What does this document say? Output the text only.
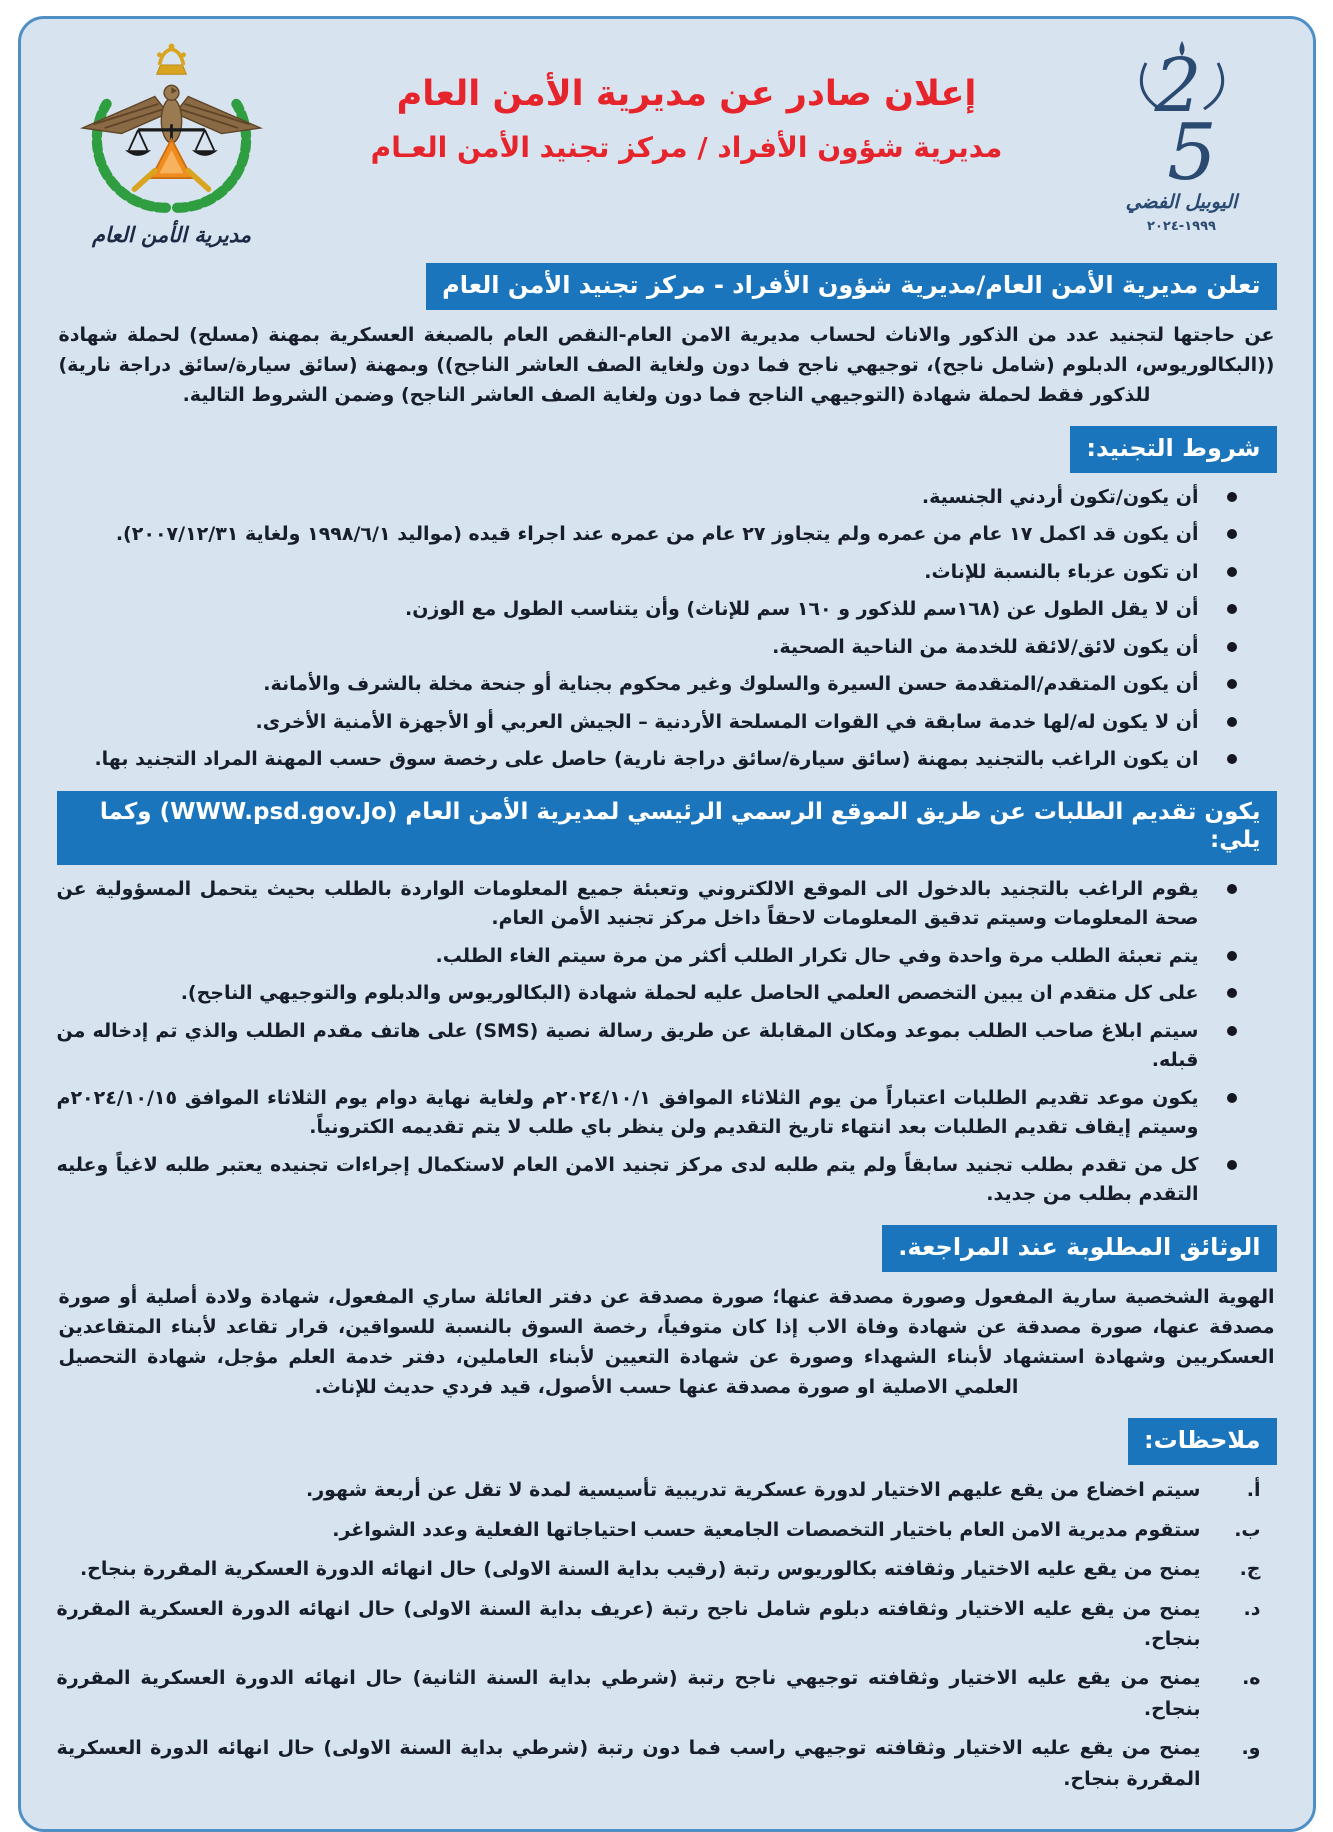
مديرية الأمن العام
إعلان صادر عن مديرية الأمن العام
مديرية شؤون الأفراد / مركز تجنيد الأمن العـام
2
5
اليوبيل الفضي
١٩٩٩-٢٠٢٤
تعلن مديرية الأمن العام/مديرية شؤون الأفراد - مركز تجنيد الأمن العام

عن حاجتها لتجنيد عدد من الذكور والاناث لحساب مديرية الامن العام-النقص العام بالصبغة العسكرية بمهنة (مسلح) لحملة شهادة ((البكالوريوس، الدبلوم (شامل ناجح)، توجيهي ناجح فما دون ولغاية الصف العاشر الناجح)) وبمهنة (سائق سيارة/سائق دراجة نارية) للذكور فقط لحملة شهادة (التوجيهي الناجح فما دون ولغاية الصف العاشر الناجح) وضمن الشروط التالية.

شروط التجنيد:
أن يكون/تكون أردني الجنسية.
أن يكون قد اكمل ١٧ عام من عمره ولم يتجاوز ٢٧ عام من عمره عند اجراء قيده (مواليد ١٩٩٨/٦/١ ولغاية ٢٠٠٧/١٢/٣١).
ان تكون عزباء بالنسبة للإناث.
أن لا يقل الطول عن (١٦٨سم للذكور و ١٦٠ سم للإناث) وأن يتناسب الطول مع الوزن.
أن يكون لائق/لائقة للخدمة من الناحية الصحية.
أن يكون المتقدم/المتقدمة حسن السيرة والسلوك وغير محكوم بجناية أو جنحة مخلة بالشرف والأمانة.
أن لا يكون له/لها خدمة سابقة في القوات المسلحة الأردنية – الجيش العربي أو الأجهزة الأمنية الأخرى.
ان يكون الراغب بالتجنيد بمهنة (سائق سيارة/سائق دراجة نارية) حاصل على رخصة سوق حسب المهنة المراد التجنيد بها.
يكون تقديم الطلبات عن طريق الموقع الرسمي الرئيسي لمديرية الأمن العام (WWW.psd.gov.Jo) وكما يلي:
يقوم الراغب بالتجنيد بالدخول الى الموقع الالكتروني وتعبئة جميع المعلومات الواردة بالطلب بحيث يتحمل المسؤولية عن صحة المعلومات وسيتم تدقيق المعلومات لاحقاً داخل مركز تجنيد الأمن العام.
يتم تعبئة الطلب مرة واحدة وفي حال تكرار الطلب أكثر من مرة سيتم الغاء الطلب.
على كل متقدم ان يبين التخصص العلمي الحاصل عليه لحملة شهادة (البكالوريوس والدبلوم والتوجيهي الناجح).
سيتم ابلاغ صاحب الطلب بموعد ومكان المقابلة عن طريق رسالة نصية (SMS) على هاتف مقدم الطلب والذي تم إدخاله من قبله.
يكون موعد تقديم الطلبات اعتباراً من يوم الثلاثاء الموافق ٢٠٢٤/١٠/١م ولغاية نهاية دوام يوم الثلاثاء الموافق ٢٠٢٤/١٠/١٥م وسيتم إيقاف تقديم الطلبات بعد انتهاء تاريخ التقديم ولن ينظر باي طلب لا يتم تقديمه الكترونياً.
كل من تقدم بطلب تجنيد سابقاً ولم يتم طلبه لدى مركز تجنيد الامن العام لاستكمال إجراءات تجنيده يعتبر طلبه لاغياً وعليه التقدم بطلب من جديد.
الوثائق المطلوبة عند المراجعة.

الهوية الشخصية سارية المفعول وصورة مصدقة عنها؛ صورة مصدقة عن دفتر العائلة ساري المفعول، شهادة ولادة أصلية أو صورة مصدقة عنها، صورة مصدقة عن شهادة وفاة الاب إذا كان متوفياً، رخصة السوق بالنسبة للسواقين، قرار تقاعد لأبناء المتقاعدين العسكريين وشهادة استشهاد لأبناء الشهداء وصورة عن شهادة التعيين لأبناء العاملين، دفتر خدمة العلم مؤجل، شهادة التحصيل العلمي الاصلية او صورة مصدقة عنها حسب الأصول، قيد فردي حديث للإناث.

ملاحظات:
أ.
سيتم اخضاع من يقع عليهم الاختيار لدورة عسكرية تدريبية تأسيسية لمدة لا تقل عن أربعة شهور.
ب.
ستقوم مديرية الامن العام باختيار التخصصات الجامعية حسب احتياجاتها الفعلية وعدد الشواغر.
ج.
يمنح من يقع عليه الاختيار وثقافته بكالوريوس رتبة (رقيب بداية السنة الاولى) حال انهائه الدورة العسكرية المقررة بنجاح.
د.
يمنح من يقع عليه الاختيار وثقافته دبلوم شامل ناجح رتبة (عريف بداية السنة الاولى) حال انهائه الدورة العسكرية المقررة بنجاح.
ه.
يمنح من يقع عليه الاختيار وثقافته توجيهي ناجح رتبة (شرطي بداية السنة الثانية) حال انهائه الدورة العسكرية المقررة بنجاح.
و.
يمنح من يقع عليه الاختيار وثقافته توجيهي راسب فما دون رتبة (شرطي بداية السنة الاولى) حال انهائه الدورة العسكرية المقررة بنجاح.
